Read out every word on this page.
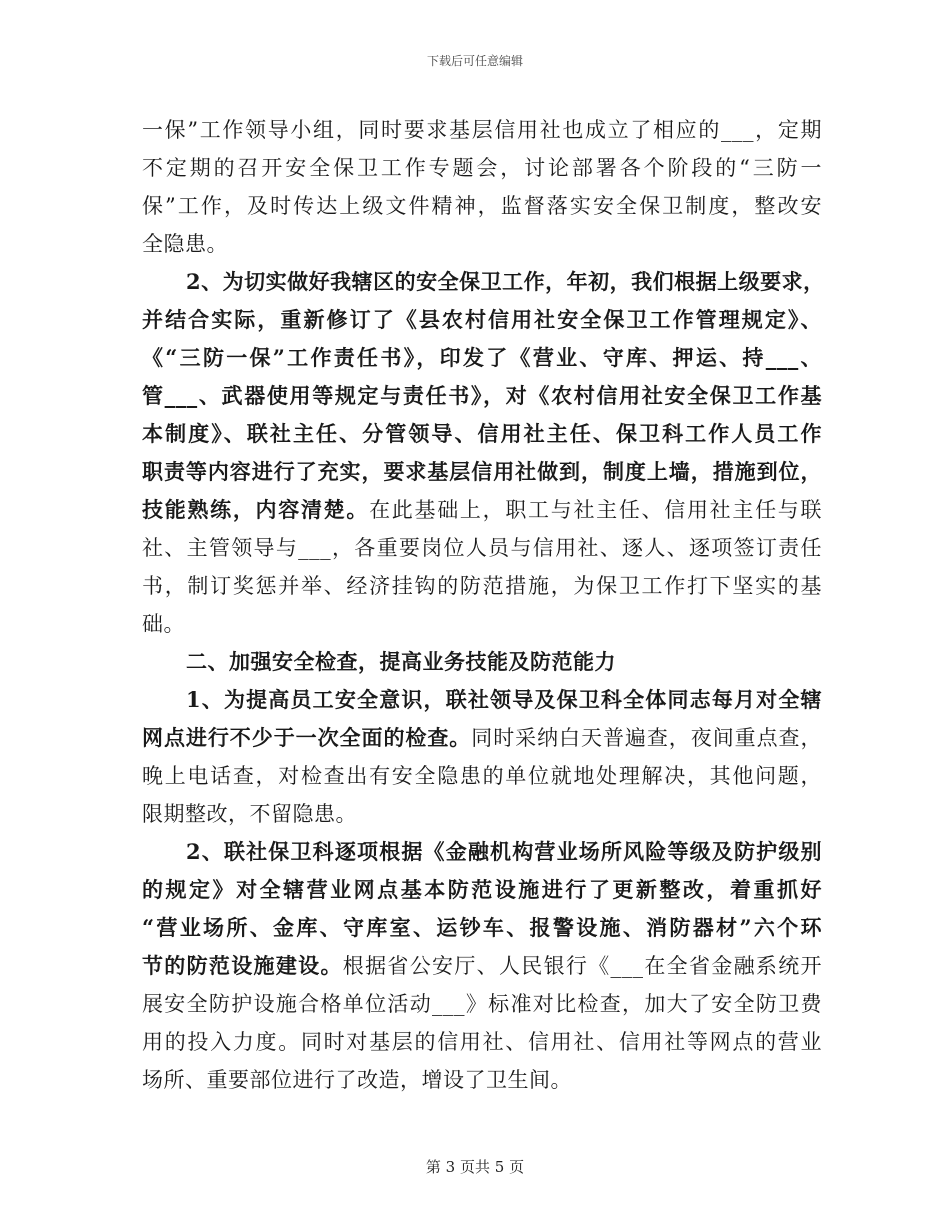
下载后可任意编辑
一保”工作领导小组，同时要求基层信用社也成立了相应的___，定期
不定期的召开安全保卫工作专题会，讨论部署各个阶段的“三防一
保”工作，及时传达上级文件精神，监督落实安全保卫制度，整改安
全隐患。
2、为切实做好我辖区的安全保卫工作，年初，我们根据上级要求，
并结合实际，重新修订了《县农村信用社安全保卫工作管理规定》、
《“三防一保”工作责任书》，印发了《营业、守库、押运、持___、
管___、武器使用等规定与责任书》，对《农村信用社安全保卫工作基
本制度》、联社主任、分管领导、信用社主任、保卫科工作人员工作
职责等内容进行了充实，要求基层信用社做到，制度上墙，措施到位，
技能熟练，内容清楚。在此基础上，职工与社主任、信用社主任与联
社、主管领导与___，各重要岗位人员与信用社、逐人、逐项签订责任
书，制订奖惩并举、经济挂钩的防范措施，为保卫工作打下坚实的基
础。
二、加强安全检查，提高业务技能及防范能力
1、为提高员工安全意识，联社领导及保卫科全体同志每月对全辖
网点进行不少于一次全面的检查。同时采纳白天普遍查，夜间重点查，
晚上电话查，对检查出有安全隐患的单位就地处理解决，其他问题，
限期整改，不留隐患。
2、联社保卫科逐项根据《金融机构营业场所风险等级及防护级别
的规定》对全辖营业网点基本防范设施进行了更新整改，着重抓好
“营业场所、金库、守库室、运钞车、报警设施、消防器材”六个环
节的防范设施建设。根据省公安厅、人民银行《___在全省金融系统开
展安全防护设施合格单位活动___》标准对比检查，加大了安全防卫费
用的投入力度。同时对基层的信用社、信用社、信用社等网点的营业
场所、重要部位进行了改造，增设了卫生间。
第 3 页共 5 页
